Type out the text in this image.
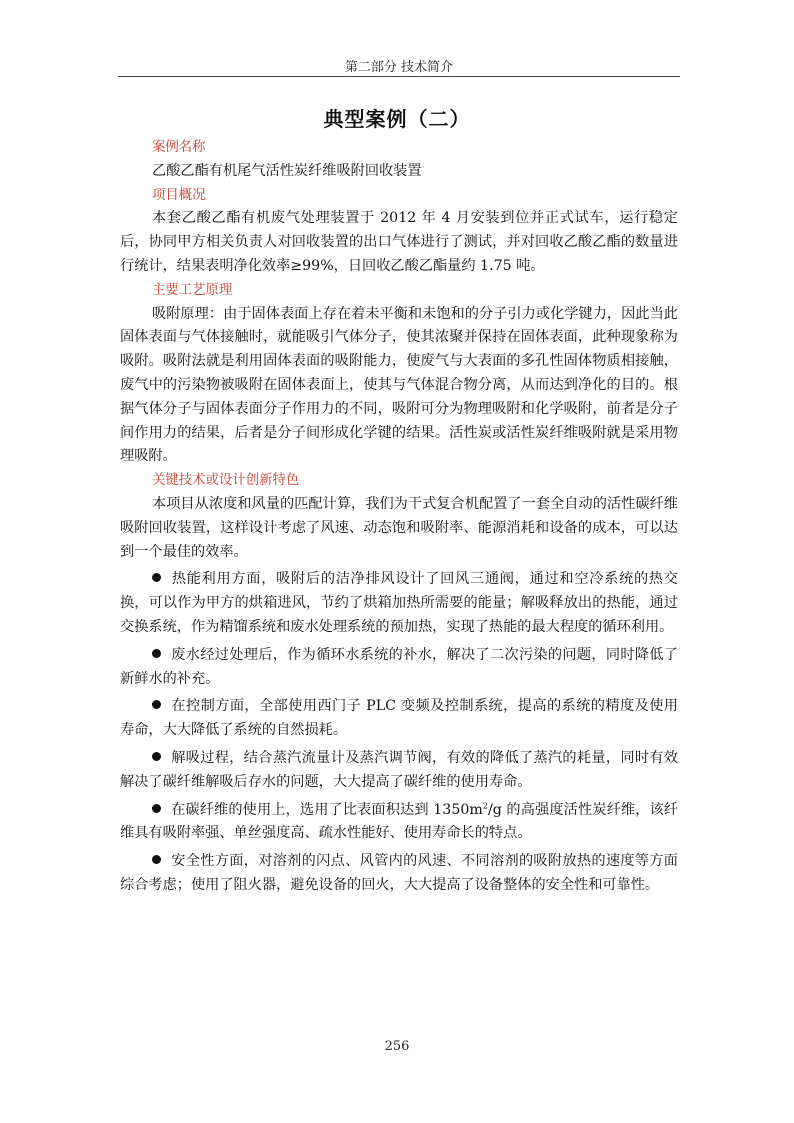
第二部分 技术简介
典型案例（二）
案例名称
乙酸乙酯有机尾气活性炭纤维吸附回收装置
项目概况

本套乙酸乙酯有机废气处理装置于 2012 年 4 月安装到位并正式试车，运行稳定后，协同甲方相关负责人对回收装置的出口气体进行了测试，并对回收乙酸乙酯的数量进行统计，结果表明净化效率≥99%，日回收乙酸乙酯量约 1.75 吨。

主要工艺原理

吸附原理：由于固体表面上存在着未平衡和未饱和的分子引力或化学键力，因此当此固体表面与气体接触时，就能吸引气体分子，使其浓聚并保持在固体表面，此种现象称为吸附。吸附法就是利用固体表面的吸附能力，使废气与大表面的多孔性固体物质相接触，废气中的污染物被吸附在固体表面上，使其与气体混合物分离，从而达到净化的目的。根据气体分子与固体表面分子作用力的不同，吸附可分为物理吸附和化学吸附，前者是分子间作用力的结果，后者是分子间形成化学键的结果。活性炭或活性炭纤维吸附就是采用物理吸附。

关键技术或设计创新特色

本项目从浓度和风量的匹配计算，我们为干式复合机配置了一套全自动的活性碳纤维吸附回收装置，这样设计考虑了风速、动态饱和吸附率、能源消耗和设备的成本，可以达到一个最佳的效率。

热能利用方面，吸附后的洁净排风设计了回风三通阀，通过和空冷系统的热交换，可以作为甲方的烘箱进风，节约了烘箱加热所需要的能量；解吸释放出的热能，通过交换系统，作为精馏系统和废水处理系统的预加热，实现了热能的最大程度的循环利用。

废水经过处理后，作为循环水系统的补水，解决了二次污染的问题，同时降低了新鲜水的补充。

在控制方面，全部使用西门子 PLC 变频及控制系统，提高的系统的精度及使用寿命，大大降低了系统的自然损耗。

解吸过程，结合蒸汽流量计及蒸汽调节阀，有效的降低了蒸汽的耗量，同时有效解决了碳纤维解吸后存水的问题，大大提高了碳纤维的使用寿命。

在碳纤维的使用上，选用了比表面积达到 $1350m^2/g$ 的高强度活性炭纤维，该纤维具有吸附率强、单丝强度高、疏水性能好、使用寿命长的特点。

安全性方面，对溶剂的闪点、风管内的风速、不同溶剂的吸附放热的速度等方面综合考虑；使用了阻火器，避免设备的回火，大大提高了设备整体的安全性和可靠性。

256
